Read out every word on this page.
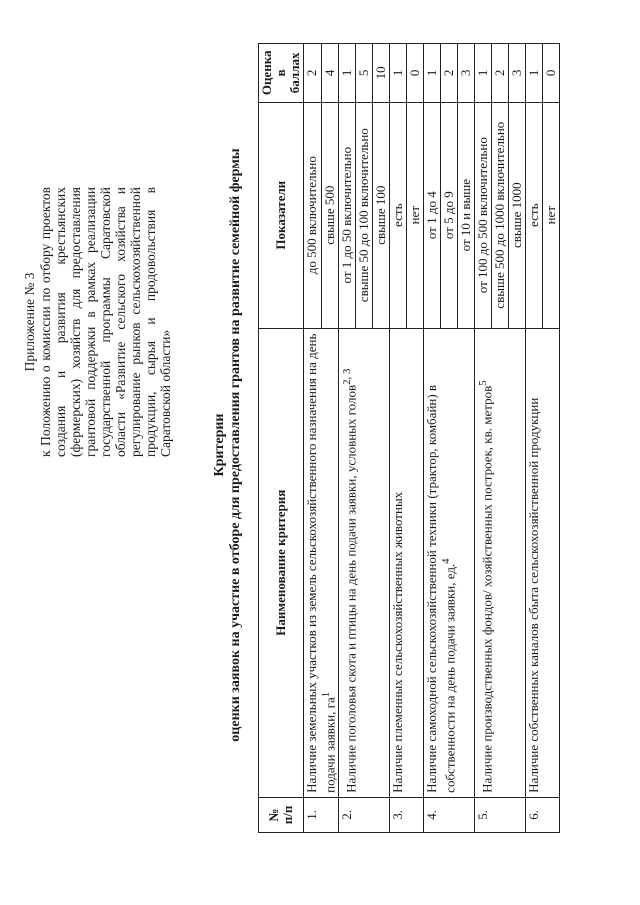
Приложение № 3 к Положению о комиссии по отбору проектов создания и развития крестьянских (фермерских) хозяйств для предоставления грантовой поддержки в рамках реализации государственной программы Саратовской области «Развитие сельского хозяйства и регулирование рынков сельскохозяйственной продукции, сырья и продовольствия в Саратовской области»	Критерии оценки заявок на участие в отборе для предоставления грантов на развитие семейной фермы
№ п/п	Наименование критерия	Показатели	Оценка в баллах
1.	Наличие земельных участков из земель сельскохозяйственного назначения на день подачи заявки, $га^1$	до 500 включительно	2
		свыше 500	4
2.	Наличие поголовья скота и птицы на день подачи заявки, условных голов$^{2, 3}$	от 1 до 50 включительно	1
		свыше 50 до 100 включительно	5
		свыше 100	10
3.	Наличие племенных сельскохозяйственных животных	есть	1
		нет	0
4.	Наличие самоходной сельскохозяйственной техники (трактор, комбайн) в собственности на день подачи заявки, ед.$^4$	от 1 до 4	1
		от 5 до 9	2
		от 10 и выше	3
5.	Наличие производственных фондов/ хозяйственных построек, кв. метров$^5$	от 100 до 500 включительно	1
		свыше 500 до 1000 включительно	2
		свыше 1000	3
6.	Наличие собственных каналов сбыта сельскохозяйственной продукции	есть	1
		нет	0
